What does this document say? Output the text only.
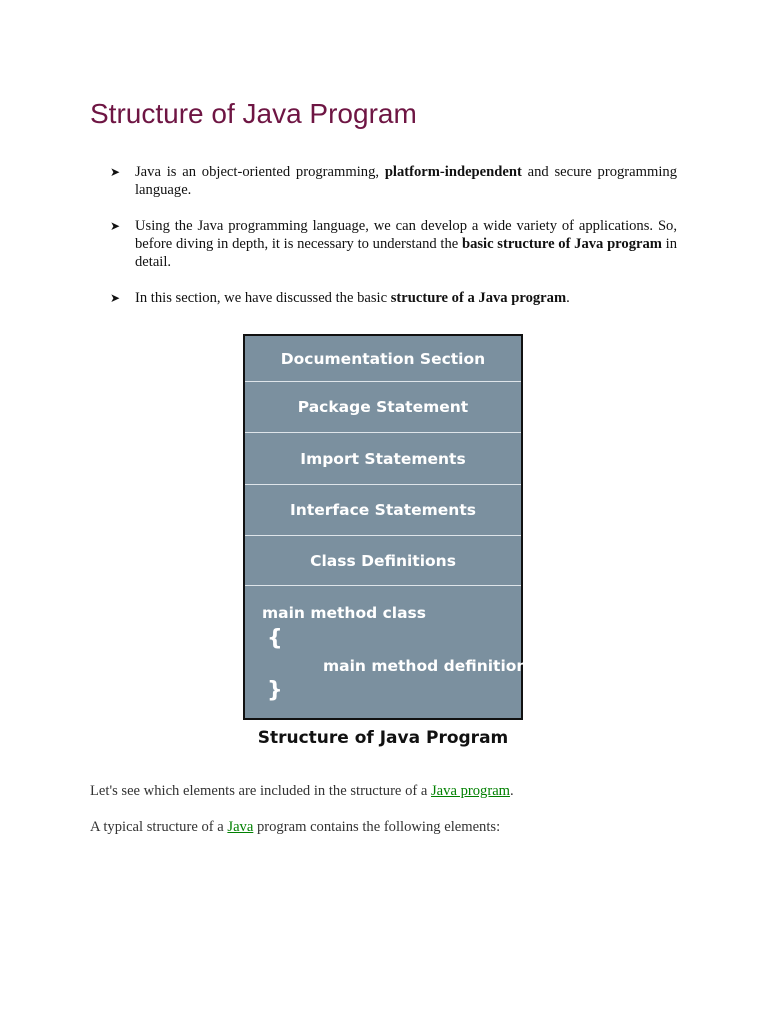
Structure of Java Program
➤ Java is an object-oriented programming, platform-independent and secure programming language.
➤ Using the Java programming language, we can develop a wide variety of applications. So, before diving in depth, it is necessary to understand the basic structure of Java program in detail.
➤ In this section, we have discussed the basic structure of a Java program.
Documentation Section
Package Statement
Import Statements
Interface Statements
Class Definitions
main method class
{
main method definition
}
Structure of Java Program

Let's see which elements are included in the structure of a Java program.

A typical structure of a Java program contains the following elements:
